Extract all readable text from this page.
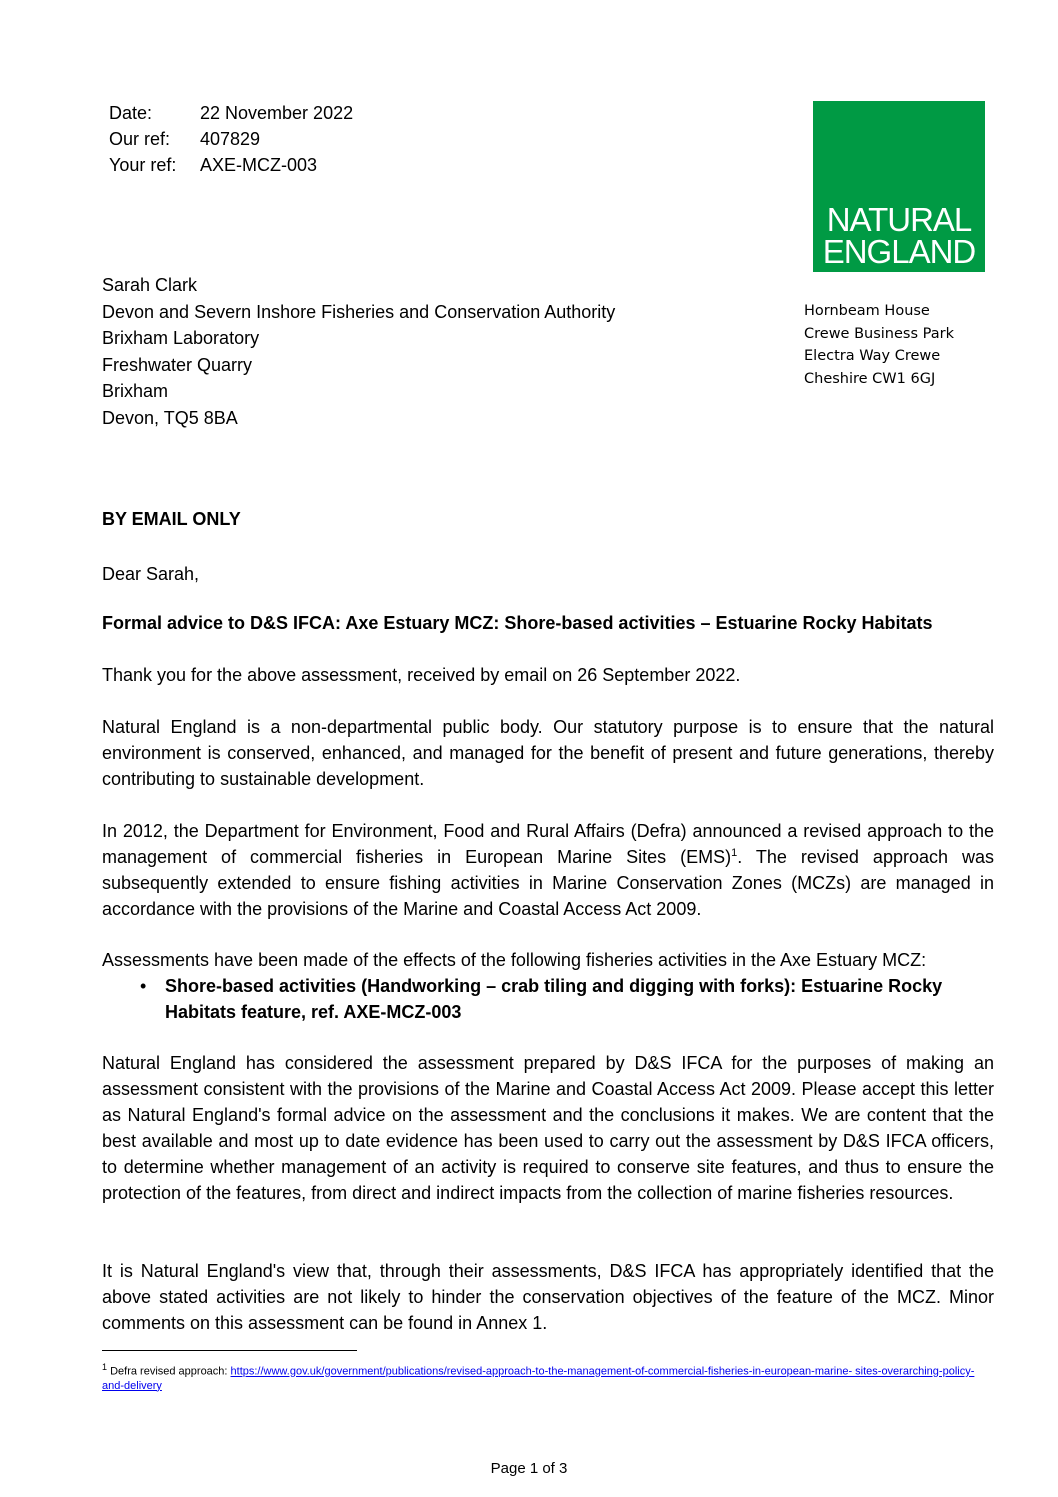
Date:	22 November 2022
Our ref: 407829
Your ref: AXE-MCZ-003
NATURAL
ENGLAND
Sarah Clark
Devon and Severn Inshore Fisheries and Conservation Authority
Brixham Laboratory
Freshwater Quarry
Brixham
Devon, TQ5 8BA
Hornbeam House
Crewe Business Park
Electra Way Crewe
Cheshire CW1 6GJ
BY EMAIL ONLY
Dear Sarah,
Formal advice to D&S IFCA: Axe Estuary MCZ: Shore-based activities – Estuarine Rocky Habitats
Thank you for the above assessment, received by email on 26 September 2022.
Natural England is a non-departmental public body. Our statutory purpose is to ensure that the natural environment is conserved, enhanced, and managed for the benefit of present and future generations, thereby contributing to sustainable development.
In 2012, the Department for Environment, Food and Rural Affairs (Defra) announced a revised approach to the management of commercial fisheries in European Marine Sites (EMS)$^1$. The revised approach was subsequently extended to ensure fishing activities in Marine Conservation Zones (MCZs) are managed in accordance with the provisions of the Marine and Coastal Access Act 2009.
Assessments have been made of the effects of the following fisheries activities in the Axe Estuary MCZ:
• Shore-based activities (Handworking – crab tiling and digging with forks): Estuarine Rocky Habitats feature, ref. AXE-MCZ-003
Natural England has considered the assessment prepared by D&S IFCA for the purposes of making an assessment consistent with the provisions of the Marine and Coastal Access Act 2009. Please accept this letter as Natural England's formal advice on the assessment and the conclusions it makes. We are content that the best available and most up to date evidence has been used to carry out the assessment by D&S IFCA officers, to determine whether management of an activity is required to conserve site features, and thus to ensure the protection of the features, from direct and indirect impacts from the collection of marine fisheries resources.
It is Natural England's view that, through their assessments, D&S IFCA has appropriately identified that the above stated activities are not likely to hinder the conservation objectives of the feature of the MCZ. Minor comments on this assessment can be found in Annex 1.
$^1$ Defra revised approach: https://www.gov.uk/government/publications/revised-approach-to-the-management-of-commercial-fisheries-in-european-marine- sites-overarching-policy-and-delivery
Page 1 of 3
